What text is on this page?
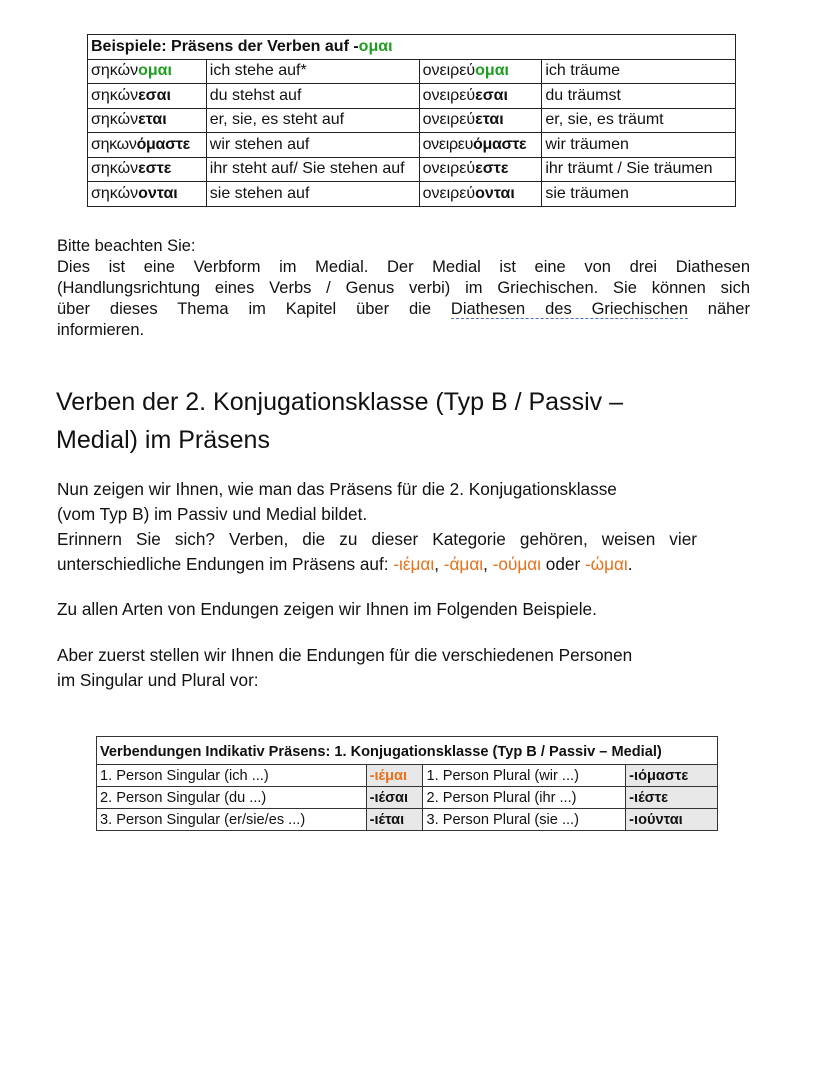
Beispiele: Präsens der Verben auf -ομαι			
σηκώνομαι	ich stehe auf*	ονειρεύομαι	ich träume
σηκώνεσαι	du stehst auf	ονειρεύεσαι	du träumst
σηκώνεται	er, sie, es steht auf	ονειρεύεται	er, sie, es träumt
σηκωνόμαστε	wir stehen auf	ονειρευόμαστε	wir träumen
σηκώνεστε	ihr steht auf/ Sie stehen auf	ονειρεύεστε	ihr träumt / Sie träumen
σηκώνονται	sie stehen auf	ονειρεύονται	sie träumen
Bitte beachten Sie:
Dies ist eine Verbform im Medial. Der Medial ist eine von drei Diathesen
(Handlungsrichtung eines Verbs / Genus verbi) im Griechischen. Sie können sich
über dieses Thema im Kapitel über die Diathesen des Griechischen näher
informieren.
Verben der 2. Konjugationsklasse (Typ B / Passiv –
Medial) im Präsens
Nun zeigen wir Ihnen, wie man das Präsens für die 2. Konjugationsklasse
(vom Typ B) im Passiv und Medial bildet.
Erinnern Sie sich? Verben, die zu dieser Kategorie gehören, weisen vier
unterschiedliche Endungen im Präsens auf: -ιέμαι, -άμαι, -ούμαι oder -ώμαι.
Zu allen Arten von Endungen zeigen wir Ihnen im Folgenden Beispiele.
Aber zuerst stellen wir Ihnen die Endungen für die verschiedenen Personen
im Singular und Plural vor:
Verbendungen Indikativ Präsens: 1. Konjugationsklasse (Typ B / Passiv – Medial)			
1. Person Singular (ich ...)	-ιέμαι	1. Person Plural (wir ...)	-ιόμαστε
2. Person Singular (du ...)	-ιέσαι	2. Person Plural (ihr ...)	-ιέστε
3. Person Singular (er/sie/es ...)	-ιέται	3. Person Plural (sie ...)	-ιούνται
